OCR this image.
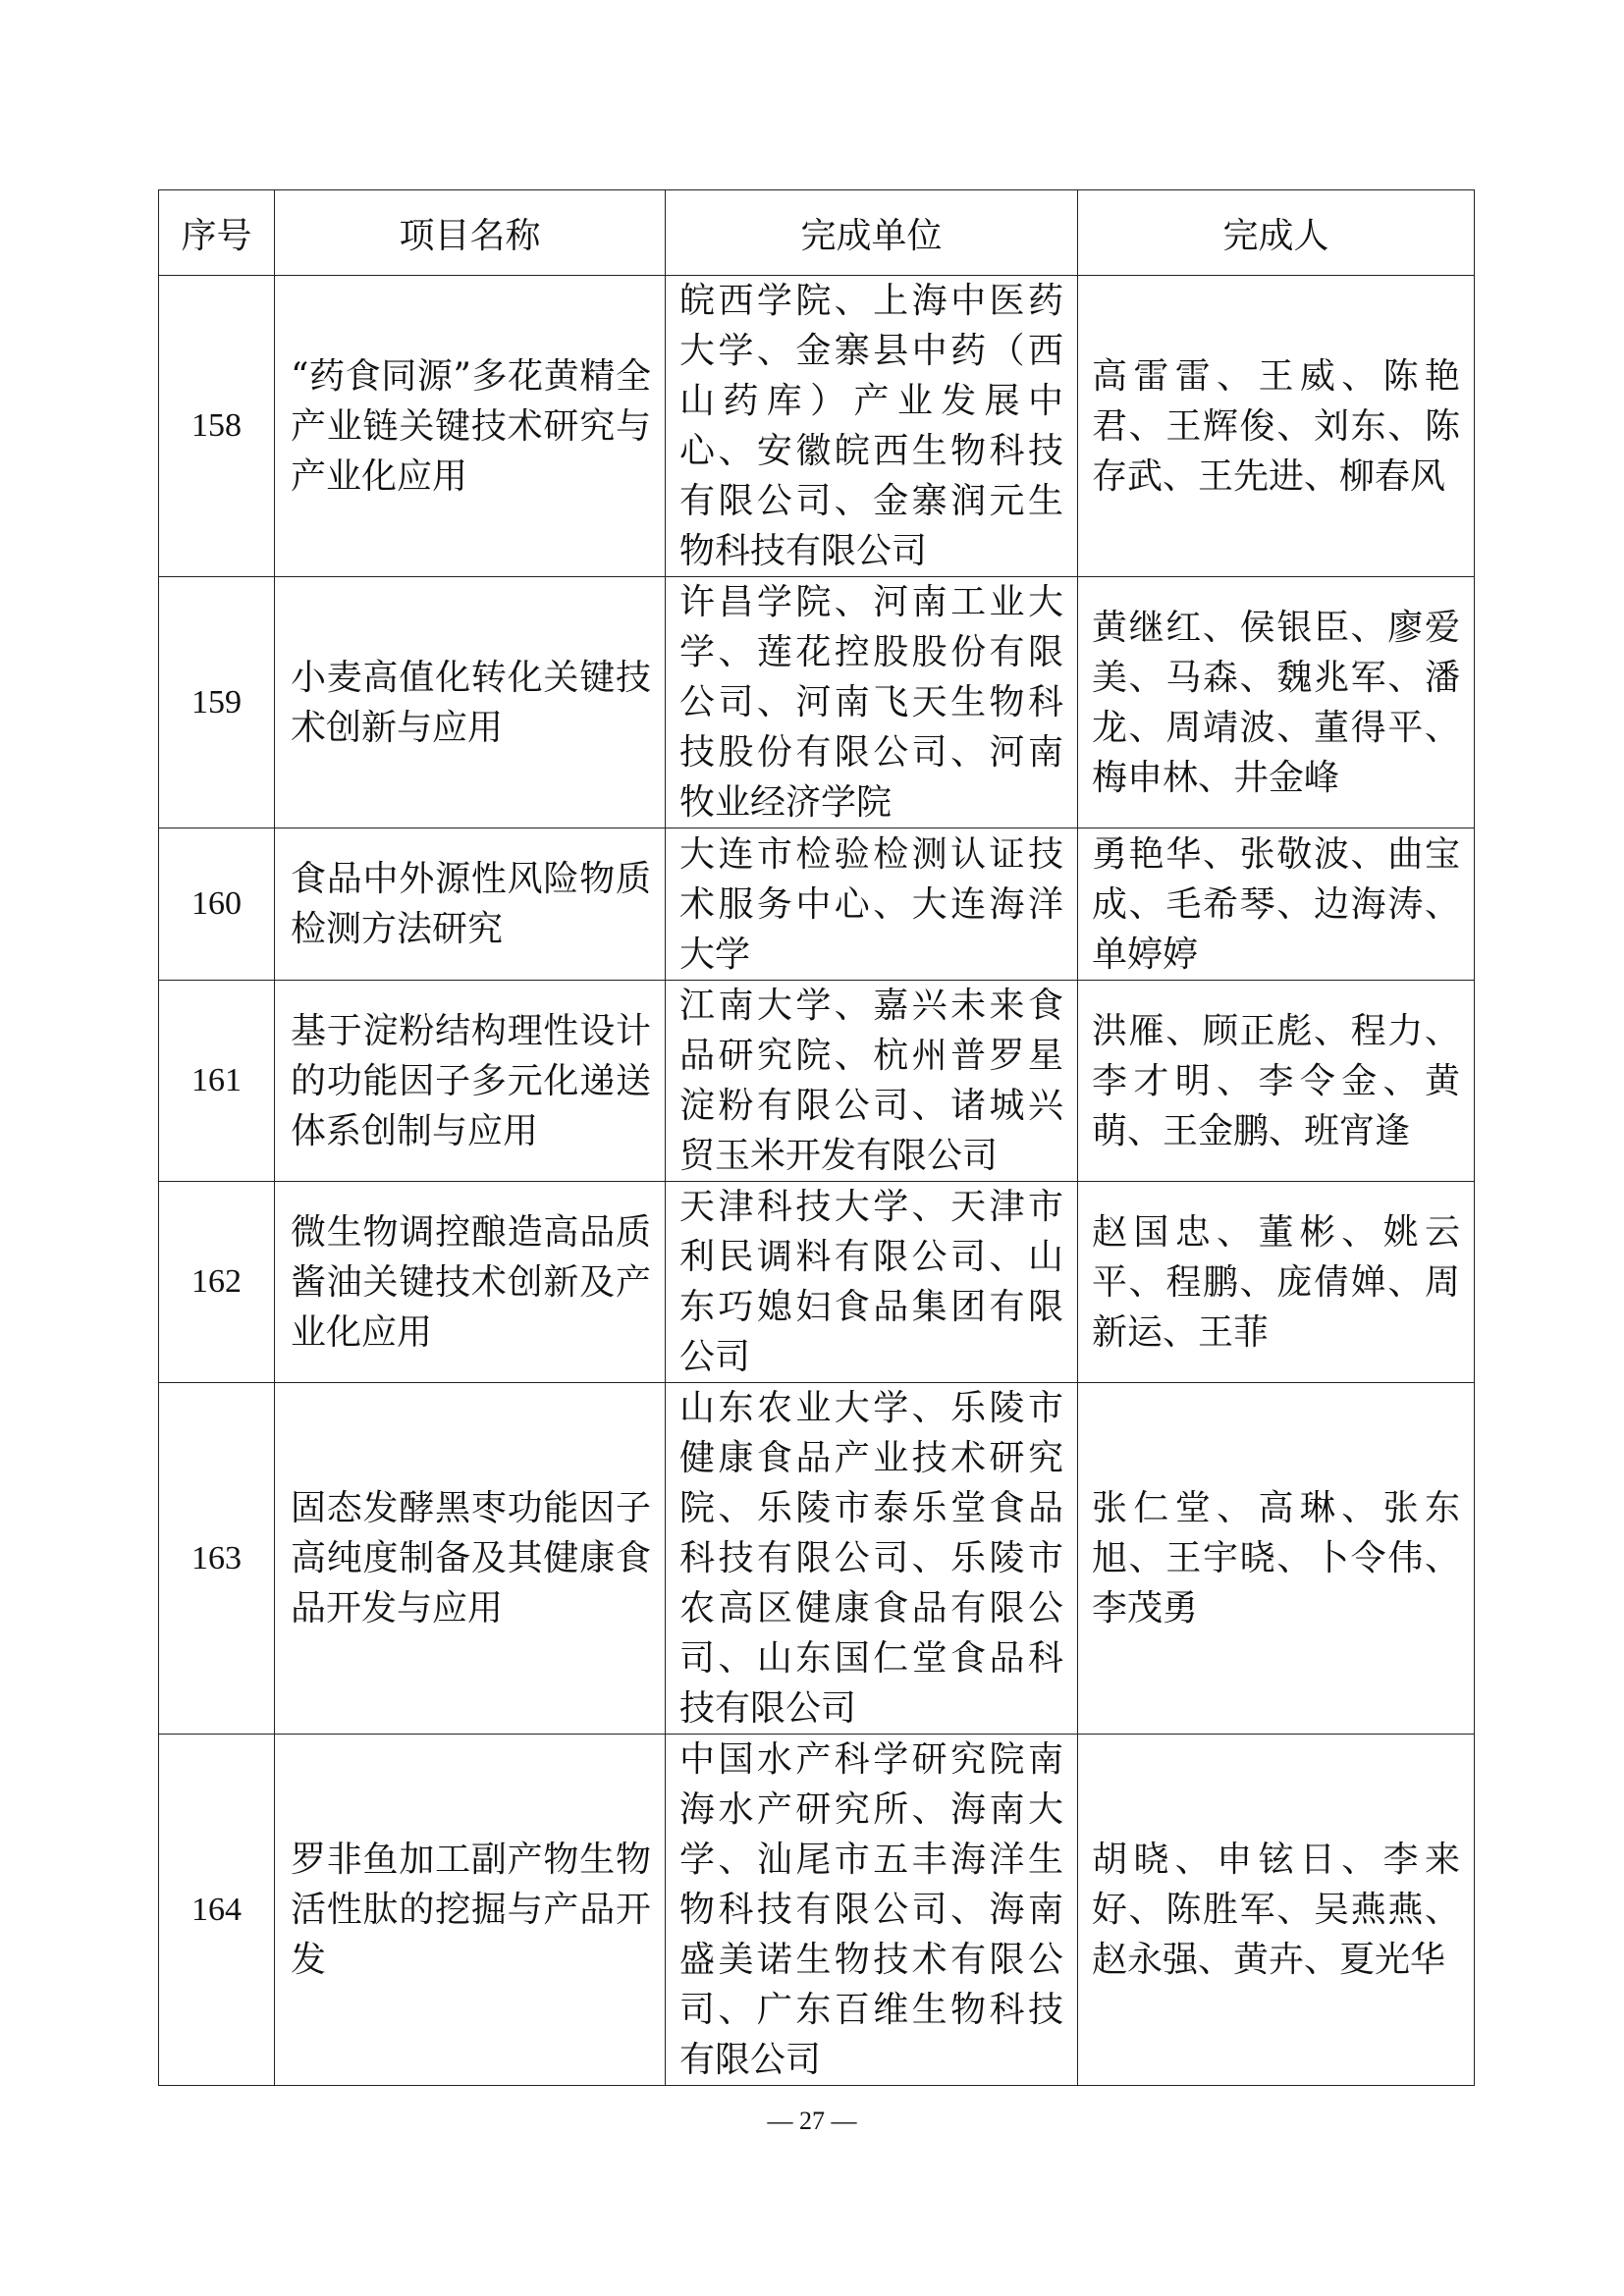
序号	项目名称	完成单位	完成人
158	“药食同源”多花黄精全产业链关键技术研究与产业化应用	皖西学院、上海中医药大学、金寨县中药（西山药库）产业发展中心、安徽皖西生物科技有限公司、金寨润元生物科技有限公司	高雷雷、王威、陈艳君、王辉俊、刘东、陈存武、王先进、柳春风
159	小麦高值化转化关键技术创新与应用	许昌学院、河南工业大学、莲花控股股份有限公司、河南飞天生物科技股份有限公司、河南牧业经济学院	黄继红、侯银臣、廖爱美、马森、魏兆军、潘龙、周靖波、董得平、梅申林、井金峰
160	食品中外源性风险物质检测方法研究	大连市检验检测认证技术服务中心、大连海洋大学	勇艳华、张敬波、曲宝成、毛希琴、边海涛、单婷婷
161	基于淀粉结构理性设计的功能因子多元化递送体系创制与应用	江南大学、嘉兴未来食品研究院、杭州普罗星淀粉有限公司、诸城兴贸玉米开发有限公司	洪雁、顾正彪、程力、李才明、李令金、黄萌、王金鹏、班宵逢
162	微生物调控酿造高品质酱油关键技术创新及产业化应用	天津科技大学、天津市利民调料有限公司、山东巧媳妇食品集团有限公司	赵国忠、董彬、姚云平、程鹏、庞倩婵、周新运、王菲
163	固态发酵黑枣功能因子高纯度制备及其健康食品开发与应用	山东农业大学、乐陵市健康食品产业技术研究院、乐陵市泰乐堂食品科技有限公司、乐陵市农高区健康食品有限公司、山东国仁堂食品科技有限公司	张仁堂、高琳、张东旭、王宇晓、卜令伟、李茂勇
164	罗非鱼加工副产物生物活性肽的挖掘与产品开发	中国水产科学研究院南海水产研究所、海南大学、汕尾市五丰海洋生物科技有限公司、海南盛美诺生物技术有限公司、广东百维生物科技有限公司	胡晓、申铉日、李来好、陈胜军、吴燕燕、赵永强、黄卉、夏光华
— 27 —
